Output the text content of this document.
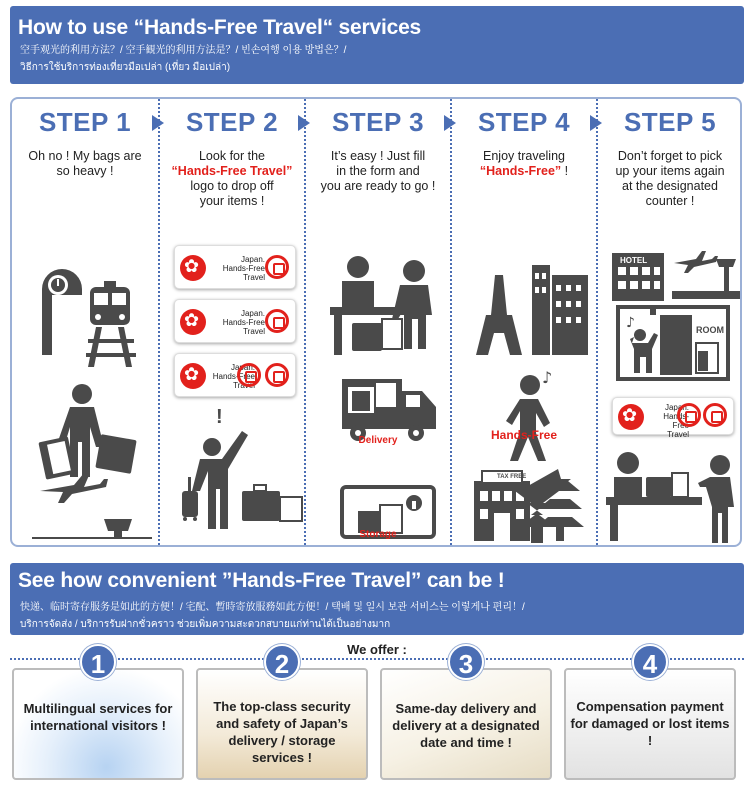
How to use “Hands-Free Travel“ services
空手观光的利用方法？/ 空手観光的利用方法是？/ 빈손여행 이용 방법은？/
วิธีการใช้บริการท่องเที่ยวมือเปล่า (เที่ยว มือเปล่า)
STEP 1
Oh no ! My bags are
so heavy !
STEP 2
Look for the
“Hands-Free Travel”
logo to drop off
your items !
✿
Japan.
Hands-Free
Travel
✿
Japan.
Hands-Free
Travel
✿
Japan.
Hands-Free
Travel
!
STEP 3
It’s easy ! Just fill
in the form and
you are ready to go !
Delivery
Storage
STEP 4
Enjoy traveling
“Hands-Free” !
♪
TAX FREE
Hands-Free
STEP 5
Don’t forget to pick
up your items again
at the designated
counter !
♪
HOTEL
ROOM
✿
Japan.
Hands-Free
Travel
See how convenient ”Hands-Free Travel” can be !
快递、临时寄存服务是如此的方便！/ 宅配、暫時寄放服務如此方便！/ 택배 및 일시 보관 서비스는 이렇게나 편리！/
บริการจัดส่ง / บริการรับฝากชั่วคราว ช่วยเพิ่มความสะดวกสบายแก่ท่านได้เป็นอย่างมาก
We offer :
Multilingual services for international visitors !
The top-class security and safety of Japan’s delivery / storage services !
Same-day delivery and delivery at a designated date and time !
Compensation payment for damaged or lost items !
1	2	3	4
